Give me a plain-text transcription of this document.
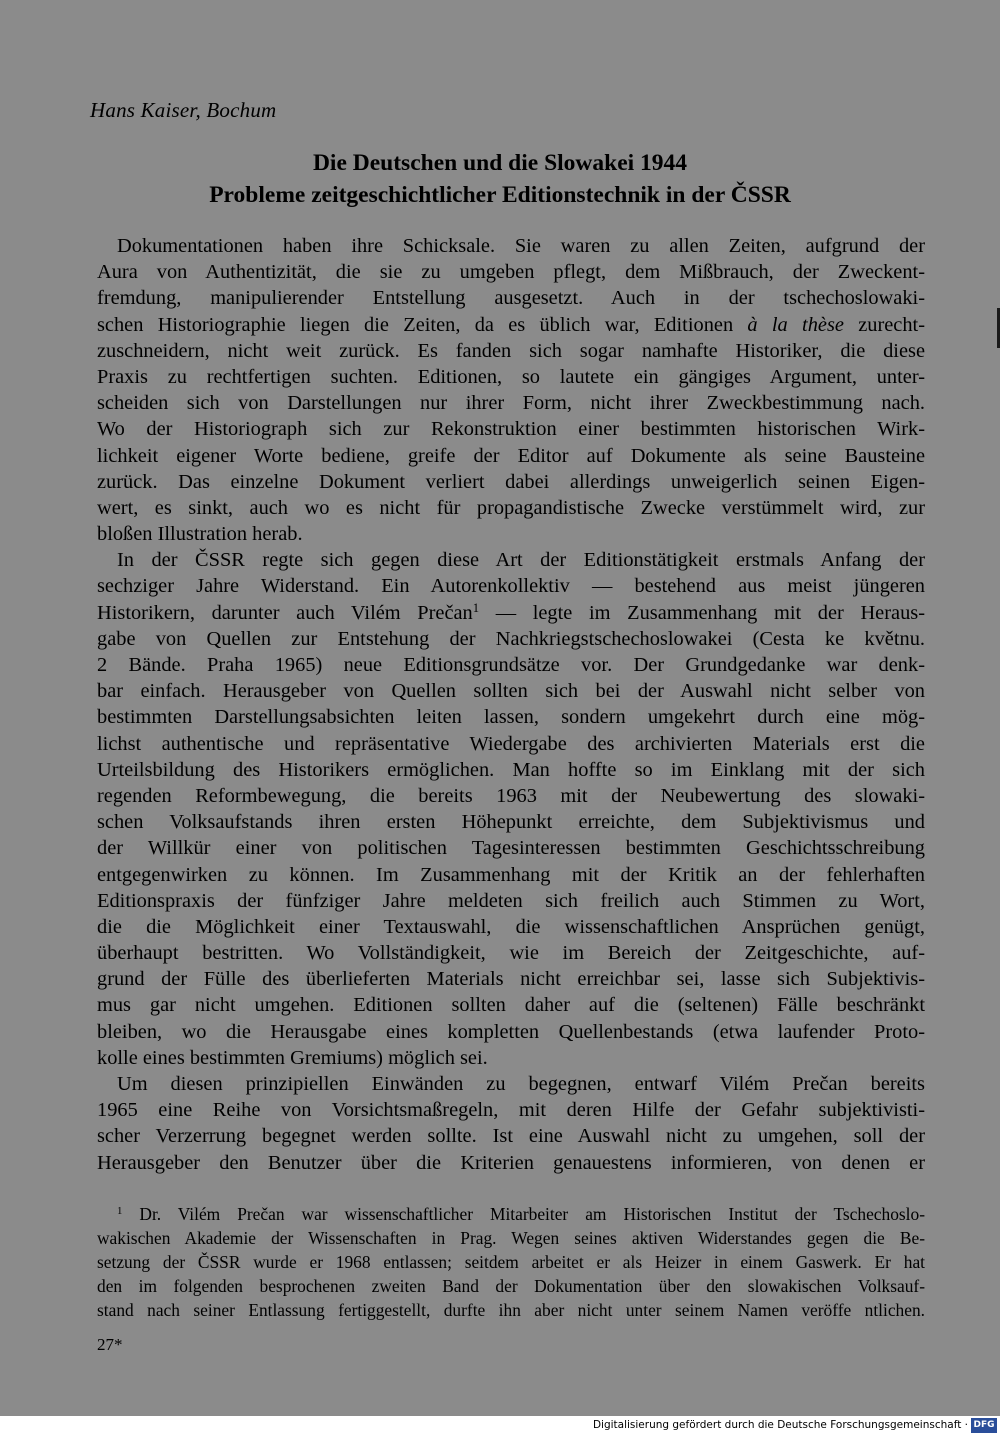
Hans Kaiser, Bochum
Die Deutschen und die Slowakei 1944
Probleme zeitgeschichtlicher Editionstechnik in der ČSSR
Dokumentationen haben ihre Schicksale. Sie waren zu allen Zeiten, aufgrund der
Aura von Authentizität, die sie zu umgeben pflegt, dem Mißbrauch, der Zweckent-
fremdung, manipulierender Entstellung ausgesetzt. Auch in der tschechoslowaki-
schen Historiographie liegen die Zeiten, da es üblich war, Editionen à la thèse zurecht-
zuschneidern, nicht weit zurück. Es fanden sich sogar namhafte Historiker, die diese
Praxis zu rechtfertigen suchten. Editionen, so lautete ein gängiges Argument, unter-
scheiden sich von Darstellungen nur ihrer Form, nicht ihrer Zweckbestimmung nach.
Wo der Historiograph sich zur Rekonstruktion einer bestimmten historischen Wirk-
lichkeit eigener Worte bediene, greife der Editor auf Dokumente als seine Bausteine
zurück. Das einzelne Dokument verliert dabei allerdings unweigerlich seinen Eigen-
wert, es sinkt, auch wo es nicht für propagandistische Zwecke verstümmelt wird, zur
bloßen Illustration herab.
In der ČSSR regte sich gegen diese Art der Editionstätigkeit erstmals Anfang der
sechziger Jahre Widerstand. Ein Autorenkollektiv — bestehend aus meist jüngeren
Historikern, darunter auch Vilém Prečan$^1$ — legte im Zusammenhang mit der Heraus-
gabe von Quellen zur Entstehung der Nachkriegstschechoslowakei (Cesta ke květnu.
2 Bände. Praha 1965) neue Editionsgrundsätze vor. Der Grundgedanke war denk-
bar einfach. Herausgeber von Quellen sollten sich bei der Auswahl nicht selber von
bestimmten Darstellungsabsichten leiten lassen, sondern umgekehrt durch eine mög-
lichst authentische und repräsentative Wiedergabe des archivierten Materials erst die
Urteilsbildung des Historikers ermöglichen. Man hoffte so im Einklang mit der sich
regenden Reformbewegung, die bereits 1963 mit der Neubewertung des slowaki-
schen Volksaufstands ihren ersten Höhepunkt erreichte, dem Subjektivismus und
der Willkür einer von politischen Tagesinteressen bestimmten Geschichtsschreibung
entgegenwirken zu können. Im Zusammenhang mit der Kritik an der fehlerhaften
Editionspraxis der fünfziger Jahre meldeten sich freilich auch Stimmen zu Wort,
die die Möglichkeit einer Textauswahl, die wissenschaftlichen Ansprüchen genügt,
überhaupt bestritten. Wo Vollständigkeit, wie im Bereich der Zeitgeschichte, auf-
grund der Fülle des überlieferten Materials nicht erreichbar sei, lasse sich Subjektivis-
mus gar nicht umgehen. Editionen sollten daher auf die (seltenen) Fälle beschränkt
bleiben, wo die Herausgabe eines kompletten Quellenbestands (etwa laufender Proto-
kolle eines bestimmten Gremiums) möglich sei.
Um diesen prinzipiellen Einwänden zu begegnen, entwarf Vilém Prečan bereits
1965 eine Reihe von Vorsichtsmaßregeln, mit deren Hilfe der Gefahr subjektivisti-
scher Verzerrung begegnet werden sollte. Ist eine Auswahl nicht zu umgehen, soll der
Herausgeber den Benutzer über die Kriterien genauestens informieren, von denen er
$^1$ Dr. Vilém Prečan war wissenschaftlicher Mitarbeiter am Historischen Institut der Tschechoslo-
wakischen Akademie der Wissenschaften in Prag. Wegen seines aktiven Widerstandes gegen die Be-
setzung der ČSSR wurde er 1968 entlassen; seitdem arbeitet er als Heizer in einem Gaswerk. Er hat
den im folgenden besprochenen zweiten Band der Dokumentation über den slowakischen Volksauf-
stand nach seiner Entlassung fertiggestellt, durfte ihn aber nicht unter seinem Namen veröffe ntlichen.
27*
Digitalisierung gefördert durch die Deutsche Forschungsgemeinschaft · DFG
